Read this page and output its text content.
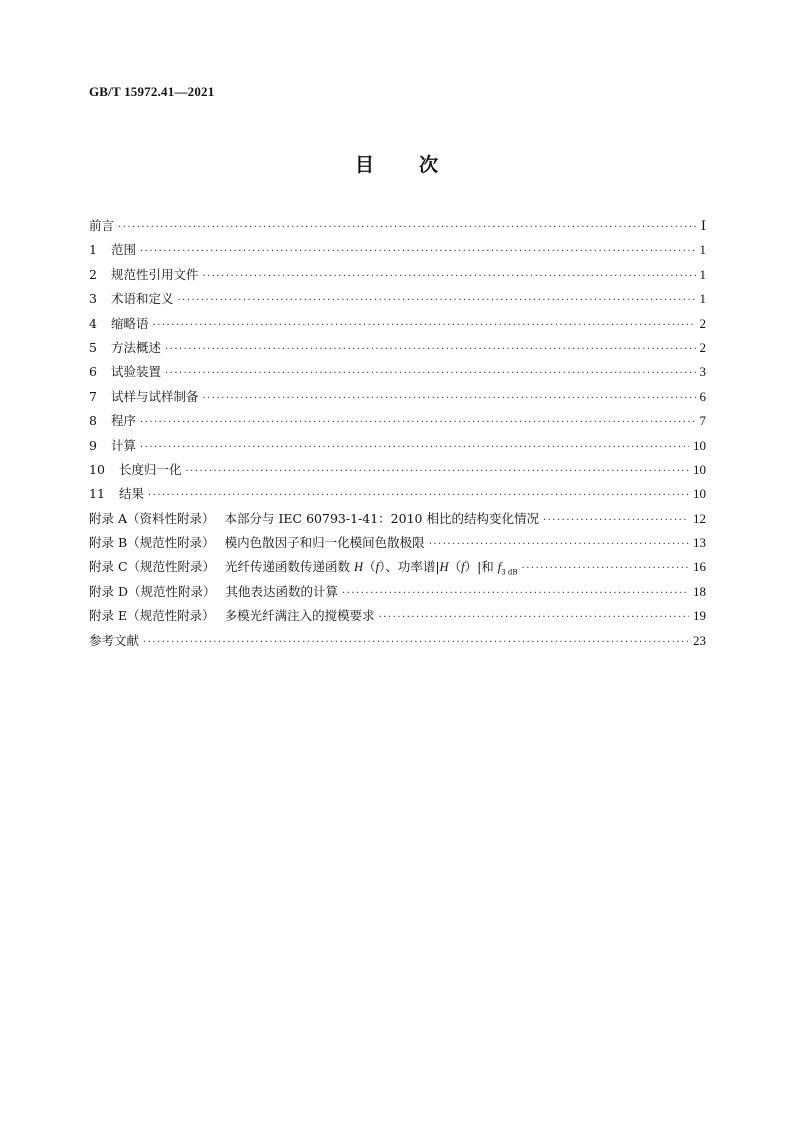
GB/T 15972.41—2021
目 次
前言 ·····	Ⅰ
1 范围 ·····	1
2 规范性引用文件 ·····	1
3 术语和定义 ·····	1
4 缩略语 ·····	2
5 方法概述 ·····	2
6 试验装置 ·····	3
7 试样与试样制备 ·····	6
8 程序 ·····	7
9 计算 ·····	10
10 长度归一化 ·····	10
11 结果 ·····	10
附录 A（资料性附录） 本部分与 IEC 60793-1-41：2010 相比的结构变化情况 ·····	12
附录 B（规范性附录） 模内色散因子和归一化模间色散极限 ·····	13
附录 C（规范性附录） 光纤传递函数传递函数 H（f）、功率谱|H（f）|和 $f_{3 dB}$ ·····	16
附录 D（规范性附录） 其他表达函数的计算 ·····	18
附录 E（规范性附录） 多模光纤满注入的搅模要求 ·····	19
参考文献 ·····	23
